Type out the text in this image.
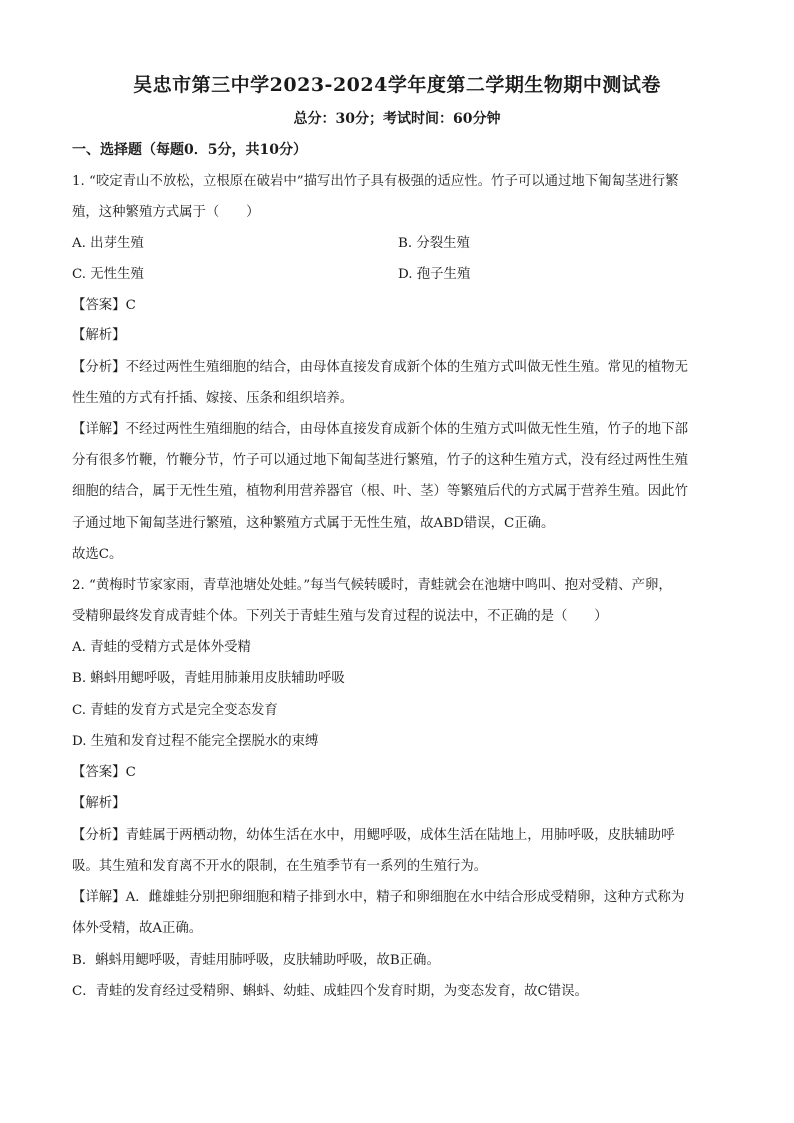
吴忠市第三中学2023-2024学年度第二学期生物期中测试卷
总分：30分；考试时间：60分钟
一、选择题（每题0．5分，共10分）
1. “咬定青山不放松，立根原在破岩中”描写出竹子具有极强的适应性。竹子可以通过地下匍匐茎进行繁
殖，这种繁殖方式属于（　　）
A. 出芽生殖	B. 分裂生殖
C. 无性生殖	D. 孢子生殖
【答案】C
【解析】
【分析】不经过两性生殖细胞的结合，由母体直接发育成新个体的生殖方式叫做无性生殖。常见的植物无
性生殖的方式有扦插、嫁接、压条和组织培养。
【详解】不经过两性生殖细胞的结合，由母体直接发育成新个体的生殖方式叫做无性生殖，竹子的地下部
分有很多竹鞭，竹鞭分节，竹子可以通过地下匍匐茎进行繁殖，竹子的这种生殖方式，没有经过两性生殖
细胞的结合，属于无性生殖，植物利用营养器官（根、叶、茎）等繁殖后代的方式属于营养生殖。因此竹
子通过地下匍匐茎进行繁殖，这种繁殖方式属于无性生殖，故ABD错误，C正确。
故选C。
2. “黄梅时节家家雨，青草池塘处处蛙。”每当气候转暖时，青蛙就会在池塘中鸣叫、抱对受精、产卵，
受精卵最终发育成青蛙个体。下列关于青蛙生殖与发育过程的说法中，不正确的是（　　）
A. 青蛙的受精方式是体外受精
B. 蝌蚪用鳃呼吸，青蛙用肺兼用皮肤辅助呼吸
C. 青蛙的发育方式是完全变态发育
D. 生殖和发育过程不能完全摆脱水的束缚
【答案】C
【解析】
【分析】青蛙属于两栖动物，幼体生活在水中，用鳃呼吸，成体生活在陆地上，用肺呼吸，皮肤辅助呼
吸。其生殖和发育离不开水的限制，在生殖季节有一系列的生殖行为。
【详解】A．雌雄蛙分别把卵细胞和精子排到水中，精子和卵细胞在水中结合形成受精卵，这种方式称为
体外受精，故A正确。
B．蝌蚪用鳃呼吸，青蛙用肺呼吸，皮肤辅助呼吸，故B正确。
C．青蛙的发育经过受精卵、蝌蚪、幼蛙、成蛙四个发育时期，为变态发育，故C错误。
